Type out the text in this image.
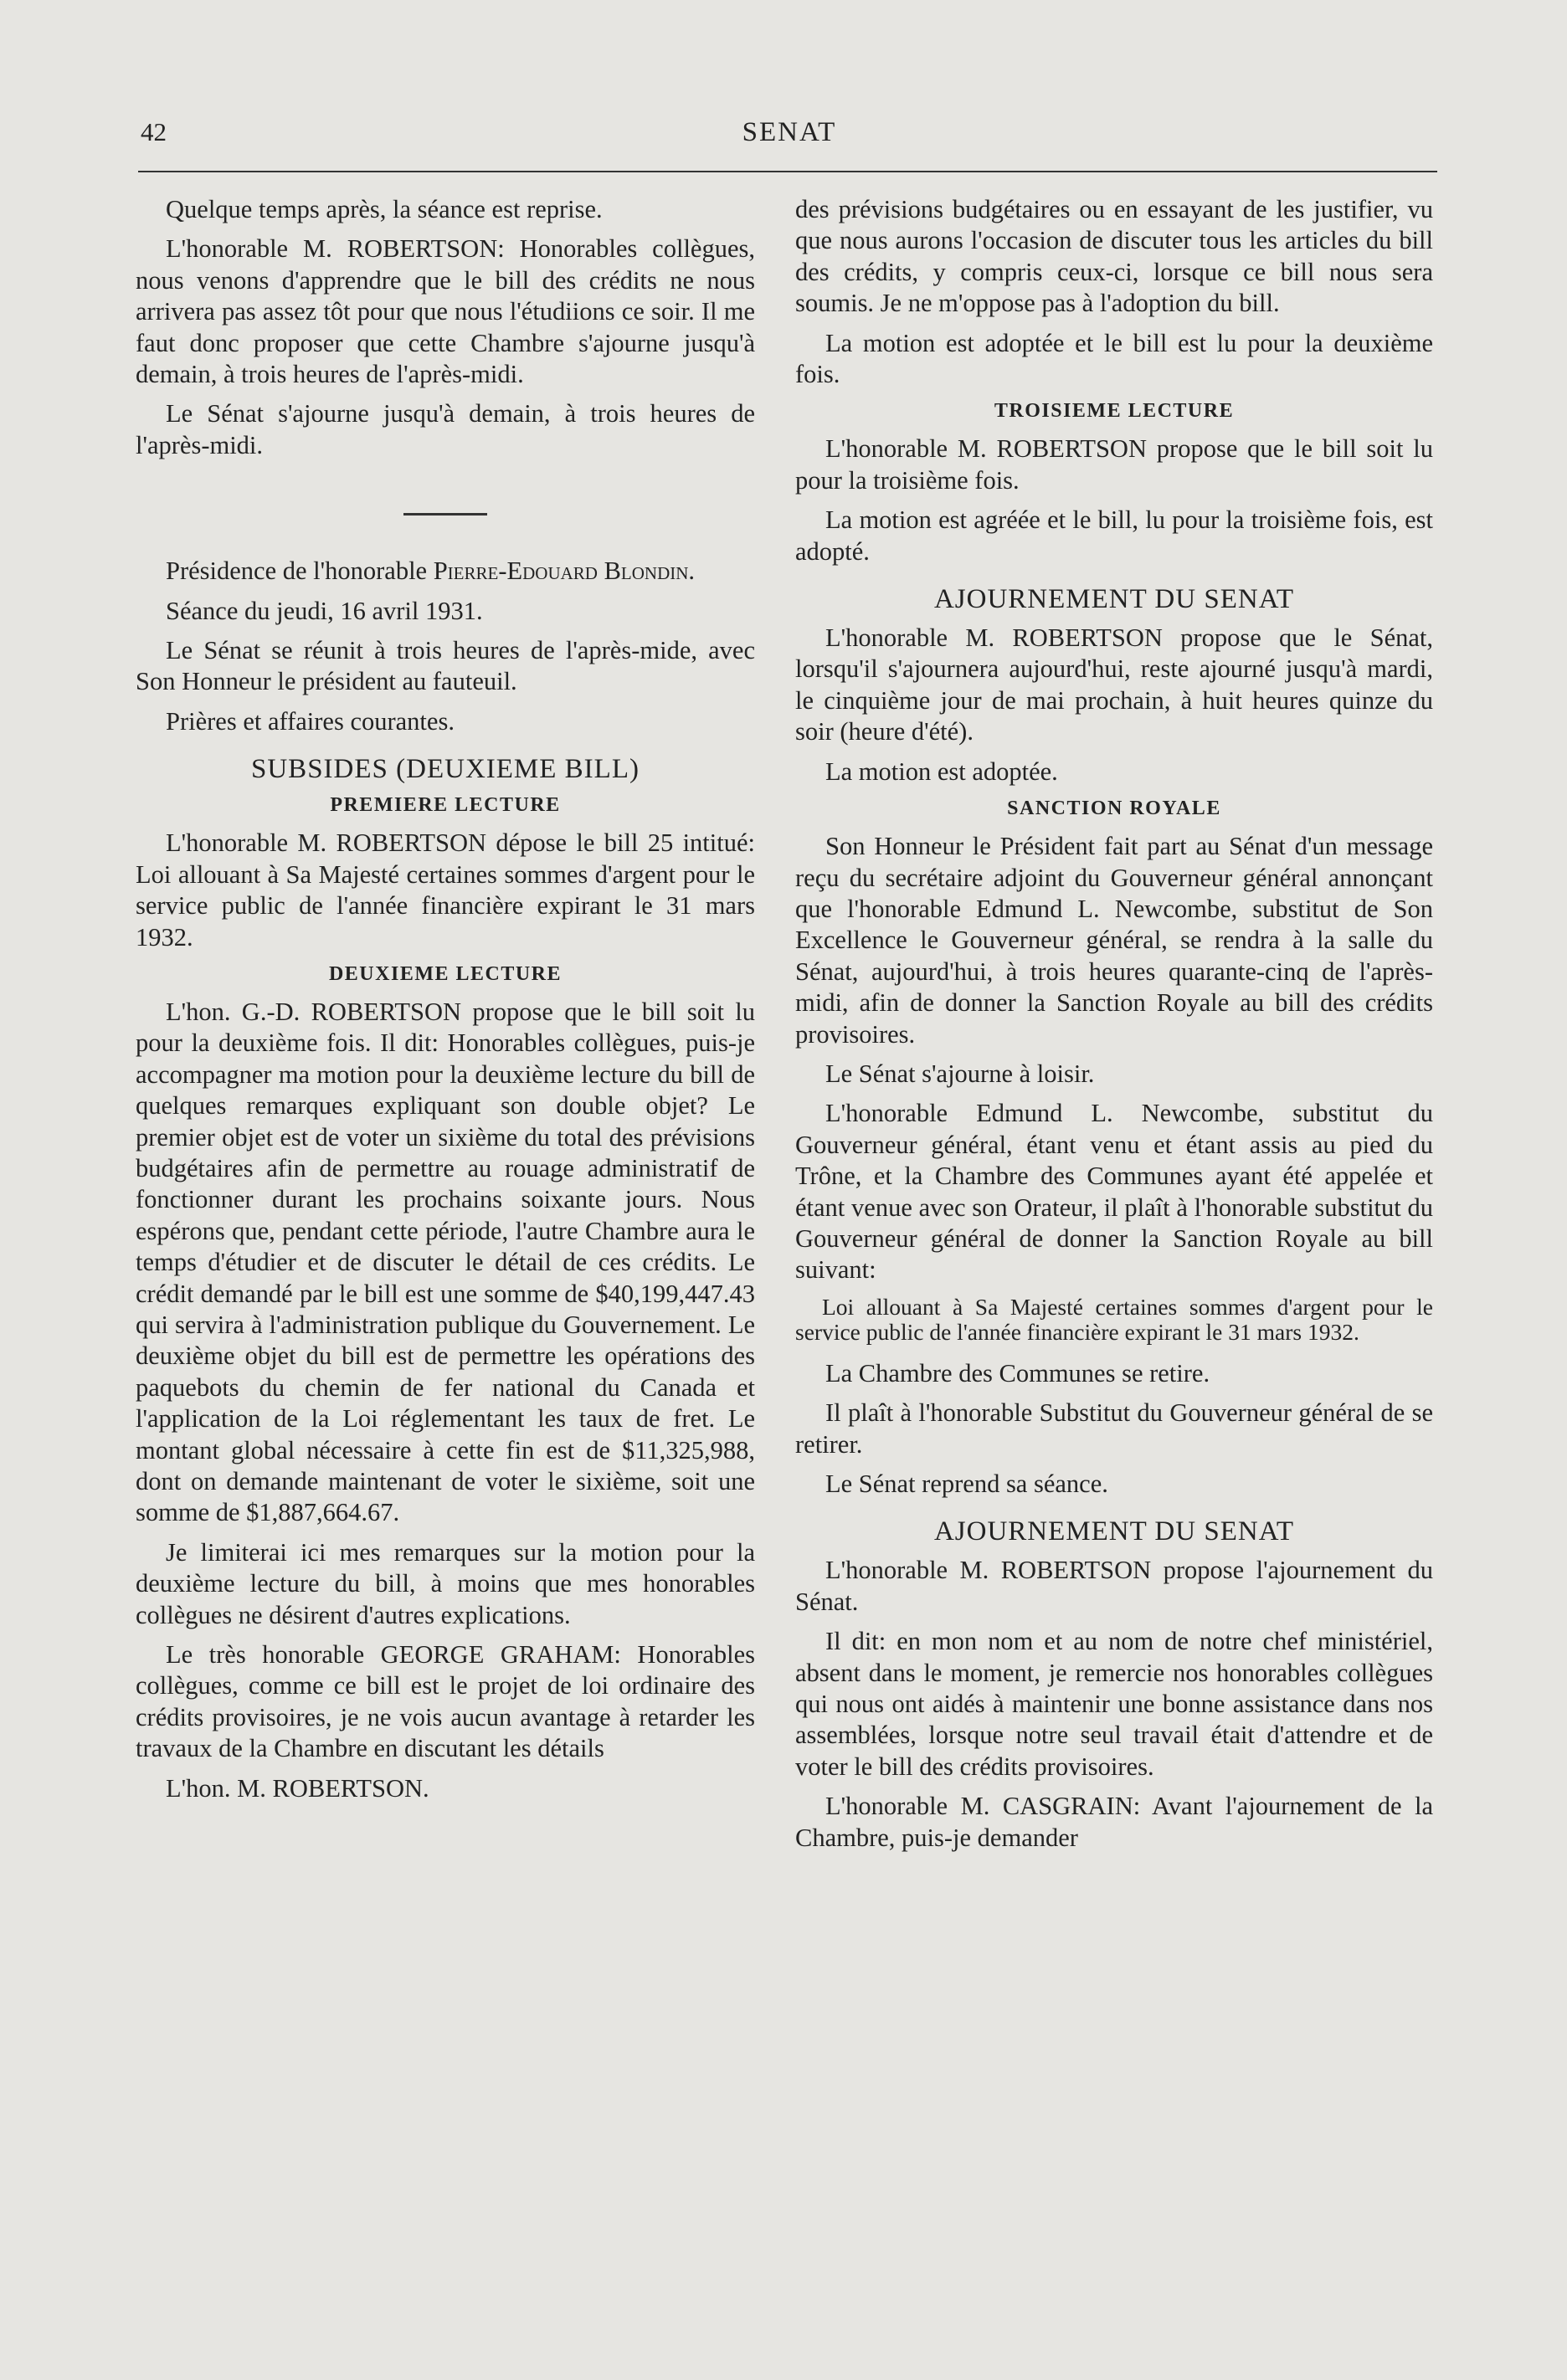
42	SENAT

Quelque temps après, la séance est reprise.

L'honorable M. ROBERTSON: Honorables collègues, nous venons d'apprendre que le bill des crédits ne nous arrivera pas assez tôt pour que nous l'étudiions ce soir. Il me faut donc proposer que cette Chambre s'ajourne jusqu'à demain, à trois heures de l'après-midi.

Le Sénat s'ajourne jusqu'à demain, à trois heures de l'après-midi.

Présidence de l'honorable Pierre-Edouard Blondin.

Séance du jeudi, 16 avril 1931.

Le Sénat se réunit à trois heures de l'après-mide, avec Son Honneur le président au fauteuil.

Prières et affaires courantes.

SUBSIDES (DEUXIEME BILL)
PREMIERE LECTURE

L'honorable M. ROBERTSON dépose le bill 25 intitué: Loi allouant à Sa Majesté certaines sommes d'argent pour le service public de l'année financière expirant le 31 mars 1932.

DEUXIEME LECTURE

L'hon. G.-D. ROBERTSON propose que le bill soit lu pour la deuxième fois. Il dit: Honorables collègues, puis-je accompagner ma motion pour la deuxième lecture du bill de quelques remarques expliquant son double objet? Le premier objet est de voter un sixième du total des prévisions budgétaires afin de permettre au rouage administratif de fonctionner durant les prochains soixante jours. Nous espérons que, pendant cette période, l'autre Chambre aura le temps d'étudier et de discuter le détail de ces crédits. Le crédit demandé par le bill est une somme de $40,199,447.43 qui servira à l'administration publique du Gouvernement. Le deuxième objet du bill est de permettre les opérations des paquebots du chemin de fer national du Canada et l'application de la Loi réglementant les taux de fret. Le montant global nécessaire à cette fin est de $11,325,988, dont on demande maintenant de voter le sixième, soit une somme de $1,887,664.67.

Je limiterai ici mes remarques sur la motion pour la deuxième lecture du bill, à moins que mes honorables collègues ne désirent d'autres explications.

Le très honorable GEORGE GRAHAM: Honorables collègues, comme ce bill est le projet de loi ordinaire des crédits provisoires, je ne vois aucun avantage à retarder les travaux de la Chambre en discutant les détails

L'hon. M. ROBERTSON.

des prévisions budgétaires ou en essayant de les justifier, vu que nous aurons l'occasion de discuter tous les articles du bill des crédits, y compris ceux-ci, lorsque ce bill nous sera soumis. Je ne m'oppose pas à l'adoption du bill.

La motion est adoptée et le bill est lu pour la deuxième fois.

TROISIEME LECTURE

L'honorable M. ROBERTSON propose que le bill soit lu pour la troisième fois.

La motion est agréée et le bill, lu pour la troisième fois, est adopté.

AJOURNEMENT DU SENAT

L'honorable M. ROBERTSON propose que le Sénat, lorsqu'il s'ajournera aujourd'hui, reste ajourné jusqu'à mardi, le cinquième jour de mai prochain, à huit heures quinze du soir (heure d'été).

La motion est adoptée.

SANCTION ROYALE

Son Honneur le Président fait part au Sénat d'un message reçu du secrétaire adjoint du Gouverneur général annonçant que l'honorable Edmund L. Newcombe, substitut de Son Excellence le Gouverneur général, se rendra à la salle du Sénat, aujourd'hui, à trois heures quarante-cinq de l'après-midi, afin de donner la Sanction Royale au bill des crédits provisoires.

Le Sénat s'ajourne à loisir.

L'honorable Edmund L. Newcombe, substitut du Gouverneur général, étant venu et étant assis au pied du Trône, et la Chambre des Communes ayant été appelée et étant venue avec son Orateur, il plaît à l'honorable substitut du Gouverneur général de donner la Sanction Royale au bill suivant:

Loi allouant à Sa Majesté certaines sommes d'argent pour le service public de l'année financière expirant le 31 mars 1932.

La Chambre des Communes se retire.

Il plaît à l'honorable Substitut du Gouverneur général de se retirer.

Le Sénat reprend sa séance.

AJOURNEMENT DU SENAT

L'honorable M. ROBERTSON propose l'ajournement du Sénat.

Il dit: en mon nom et au nom de notre chef ministériel, absent dans le moment, je remercie nos honorables collègues qui nous ont aidés à maintenir une bonne assistance dans nos assemblées, lorsque notre seul travail était d'attendre et de voter le bill des crédits provisoires.

L'honorable M. CASGRAIN: Avant l'ajournement de la Chambre, puis-je demander
